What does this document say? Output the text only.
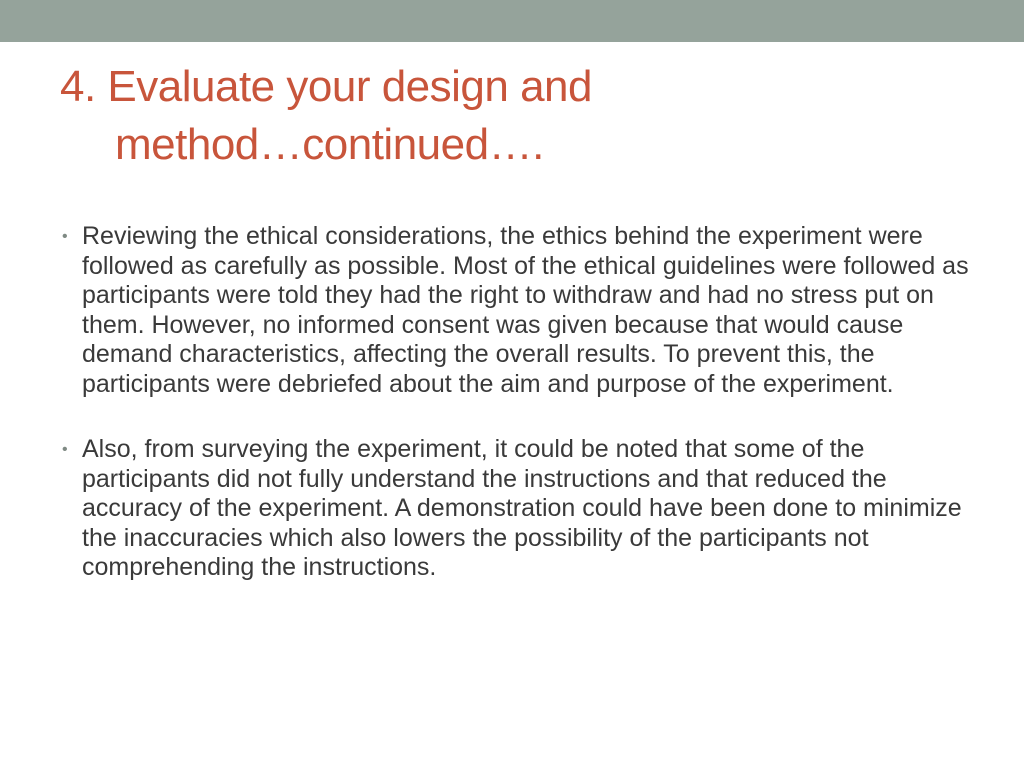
4. Evaluate your design and
method…continued….
• Reviewing the ethical considerations, the ethics behind the experiment were followed as carefully as possible. Most of the ethical guidelines were followed as participants were told they had the right to withdraw and had no stress put on them. However, no informed consent was given because that would cause demand characteristics, affecting the overall results. To prevent this, the participants were debriefed about the aim and purpose of the experiment.
• Also, from surveying the experiment, it could be noted that some of the participants did not fully understand the instructions and that reduced the accuracy of the experiment. A demonstration could have been done to minimize the inaccuracies which also lowers the possibility of the participants not comprehending the instructions.
